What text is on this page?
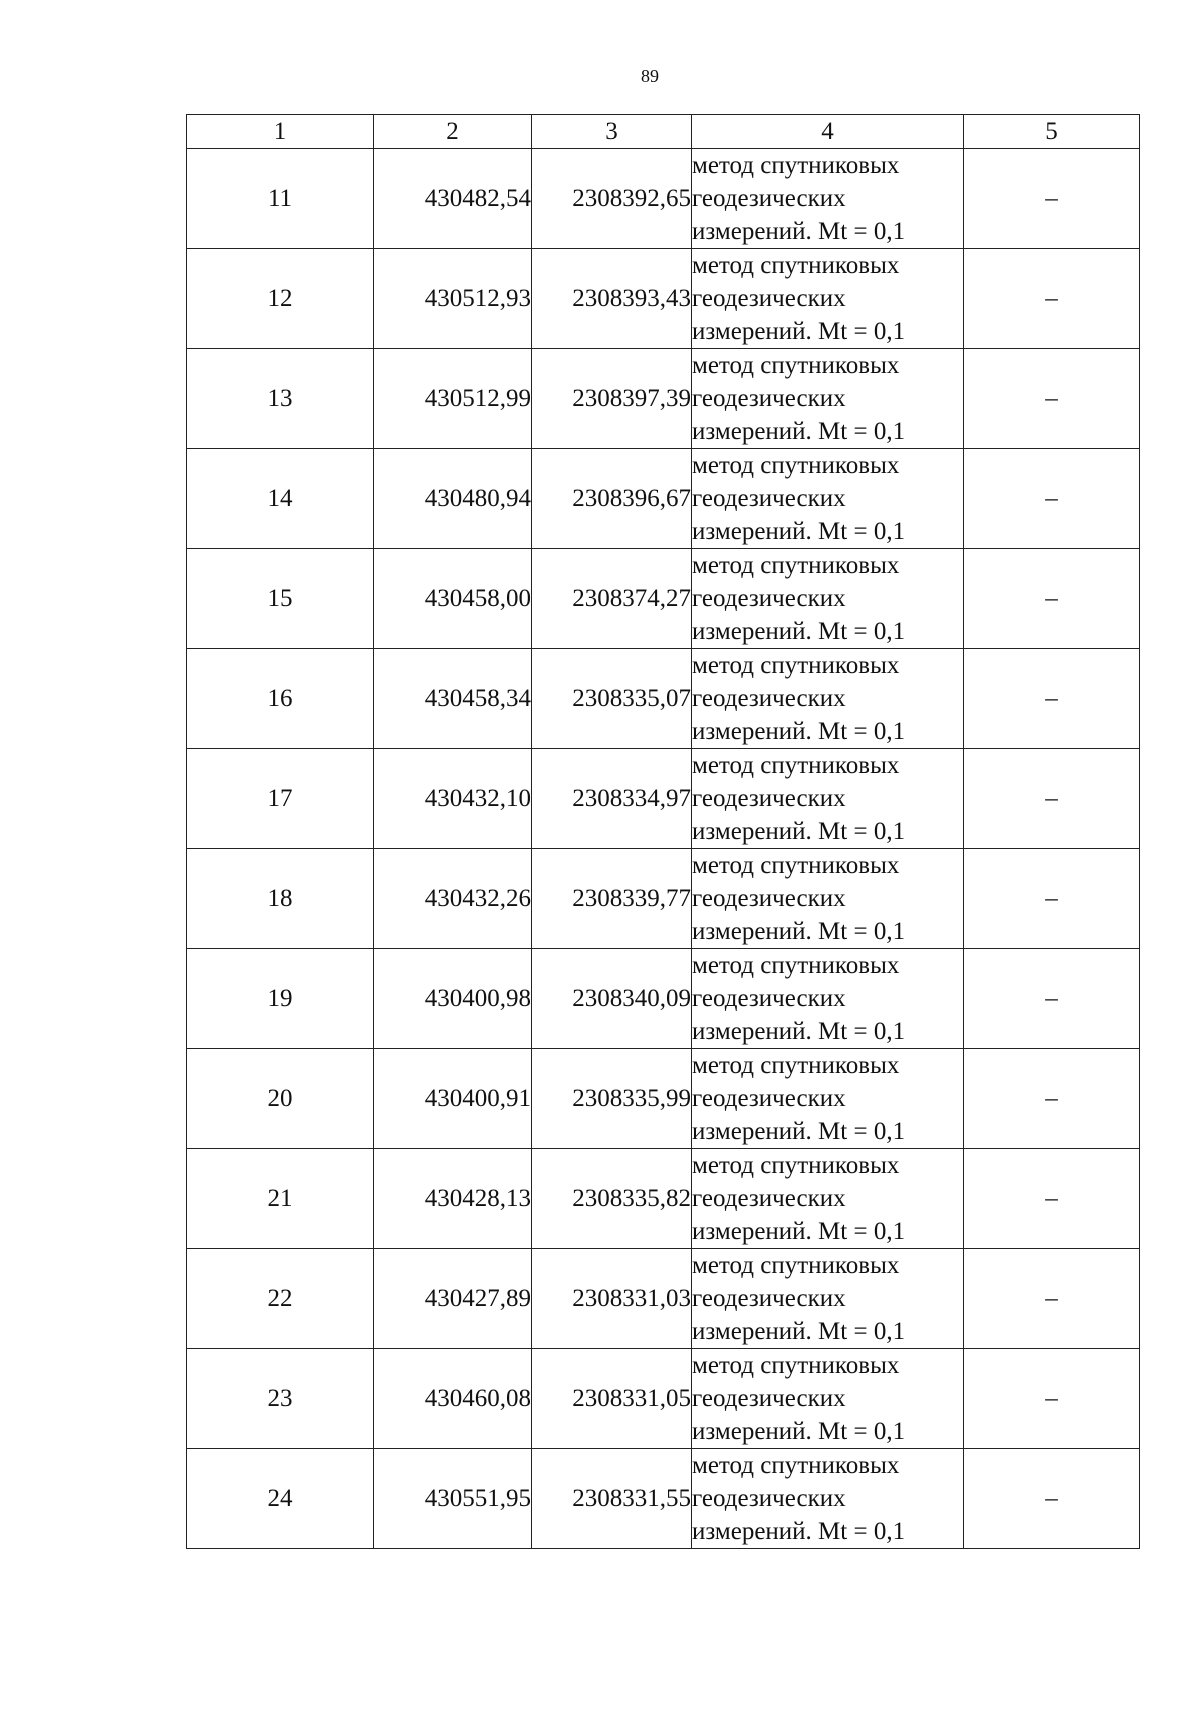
89
1	2	3	4	5
11	430482,54	2308392,65	метод спутниковых
геодезических
измерений. Mt = 0,1	–
12	430512,93	2308393,43	метод спутниковых
геодезических
измерений. Mt = 0,1	–
13	430512,99	2308397,39	метод спутниковых
геодезических
измерений. Mt = 0,1	–
14	430480,94	2308396,67	метод спутниковых
геодезических
измерений. Mt = 0,1	–
15	430458,00	2308374,27	метод спутниковых
геодезических
измерений. Mt = 0,1	–
16	430458,34	2308335,07	метод спутниковых
геодезических
измерений. Mt = 0,1	–
17	430432,10	2308334,97	метод спутниковых
геодезических
измерений. Mt = 0,1	–
18	430432,26	2308339,77	метод спутниковых
геодезических
измерений. Mt = 0,1	–
19	430400,98	2308340,09	метод спутниковых
геодезических
измерений. Mt = 0,1	–
20	430400,91	2308335,99	метод спутниковых
геодезических
измерений. Mt = 0,1	–
21	430428,13	2308335,82	метод спутниковых
геодезических
измерений. Mt = 0,1	–
22	430427,89	2308331,03	метод спутниковых
геодезических
измерений. Mt = 0,1	–
23	430460,08	2308331,05	метод спутниковых
геодезических
измерений. Mt = 0,1	–
24	430551,95	2308331,55	метод спутниковых
геодезических
измерений. Mt = 0,1	–
